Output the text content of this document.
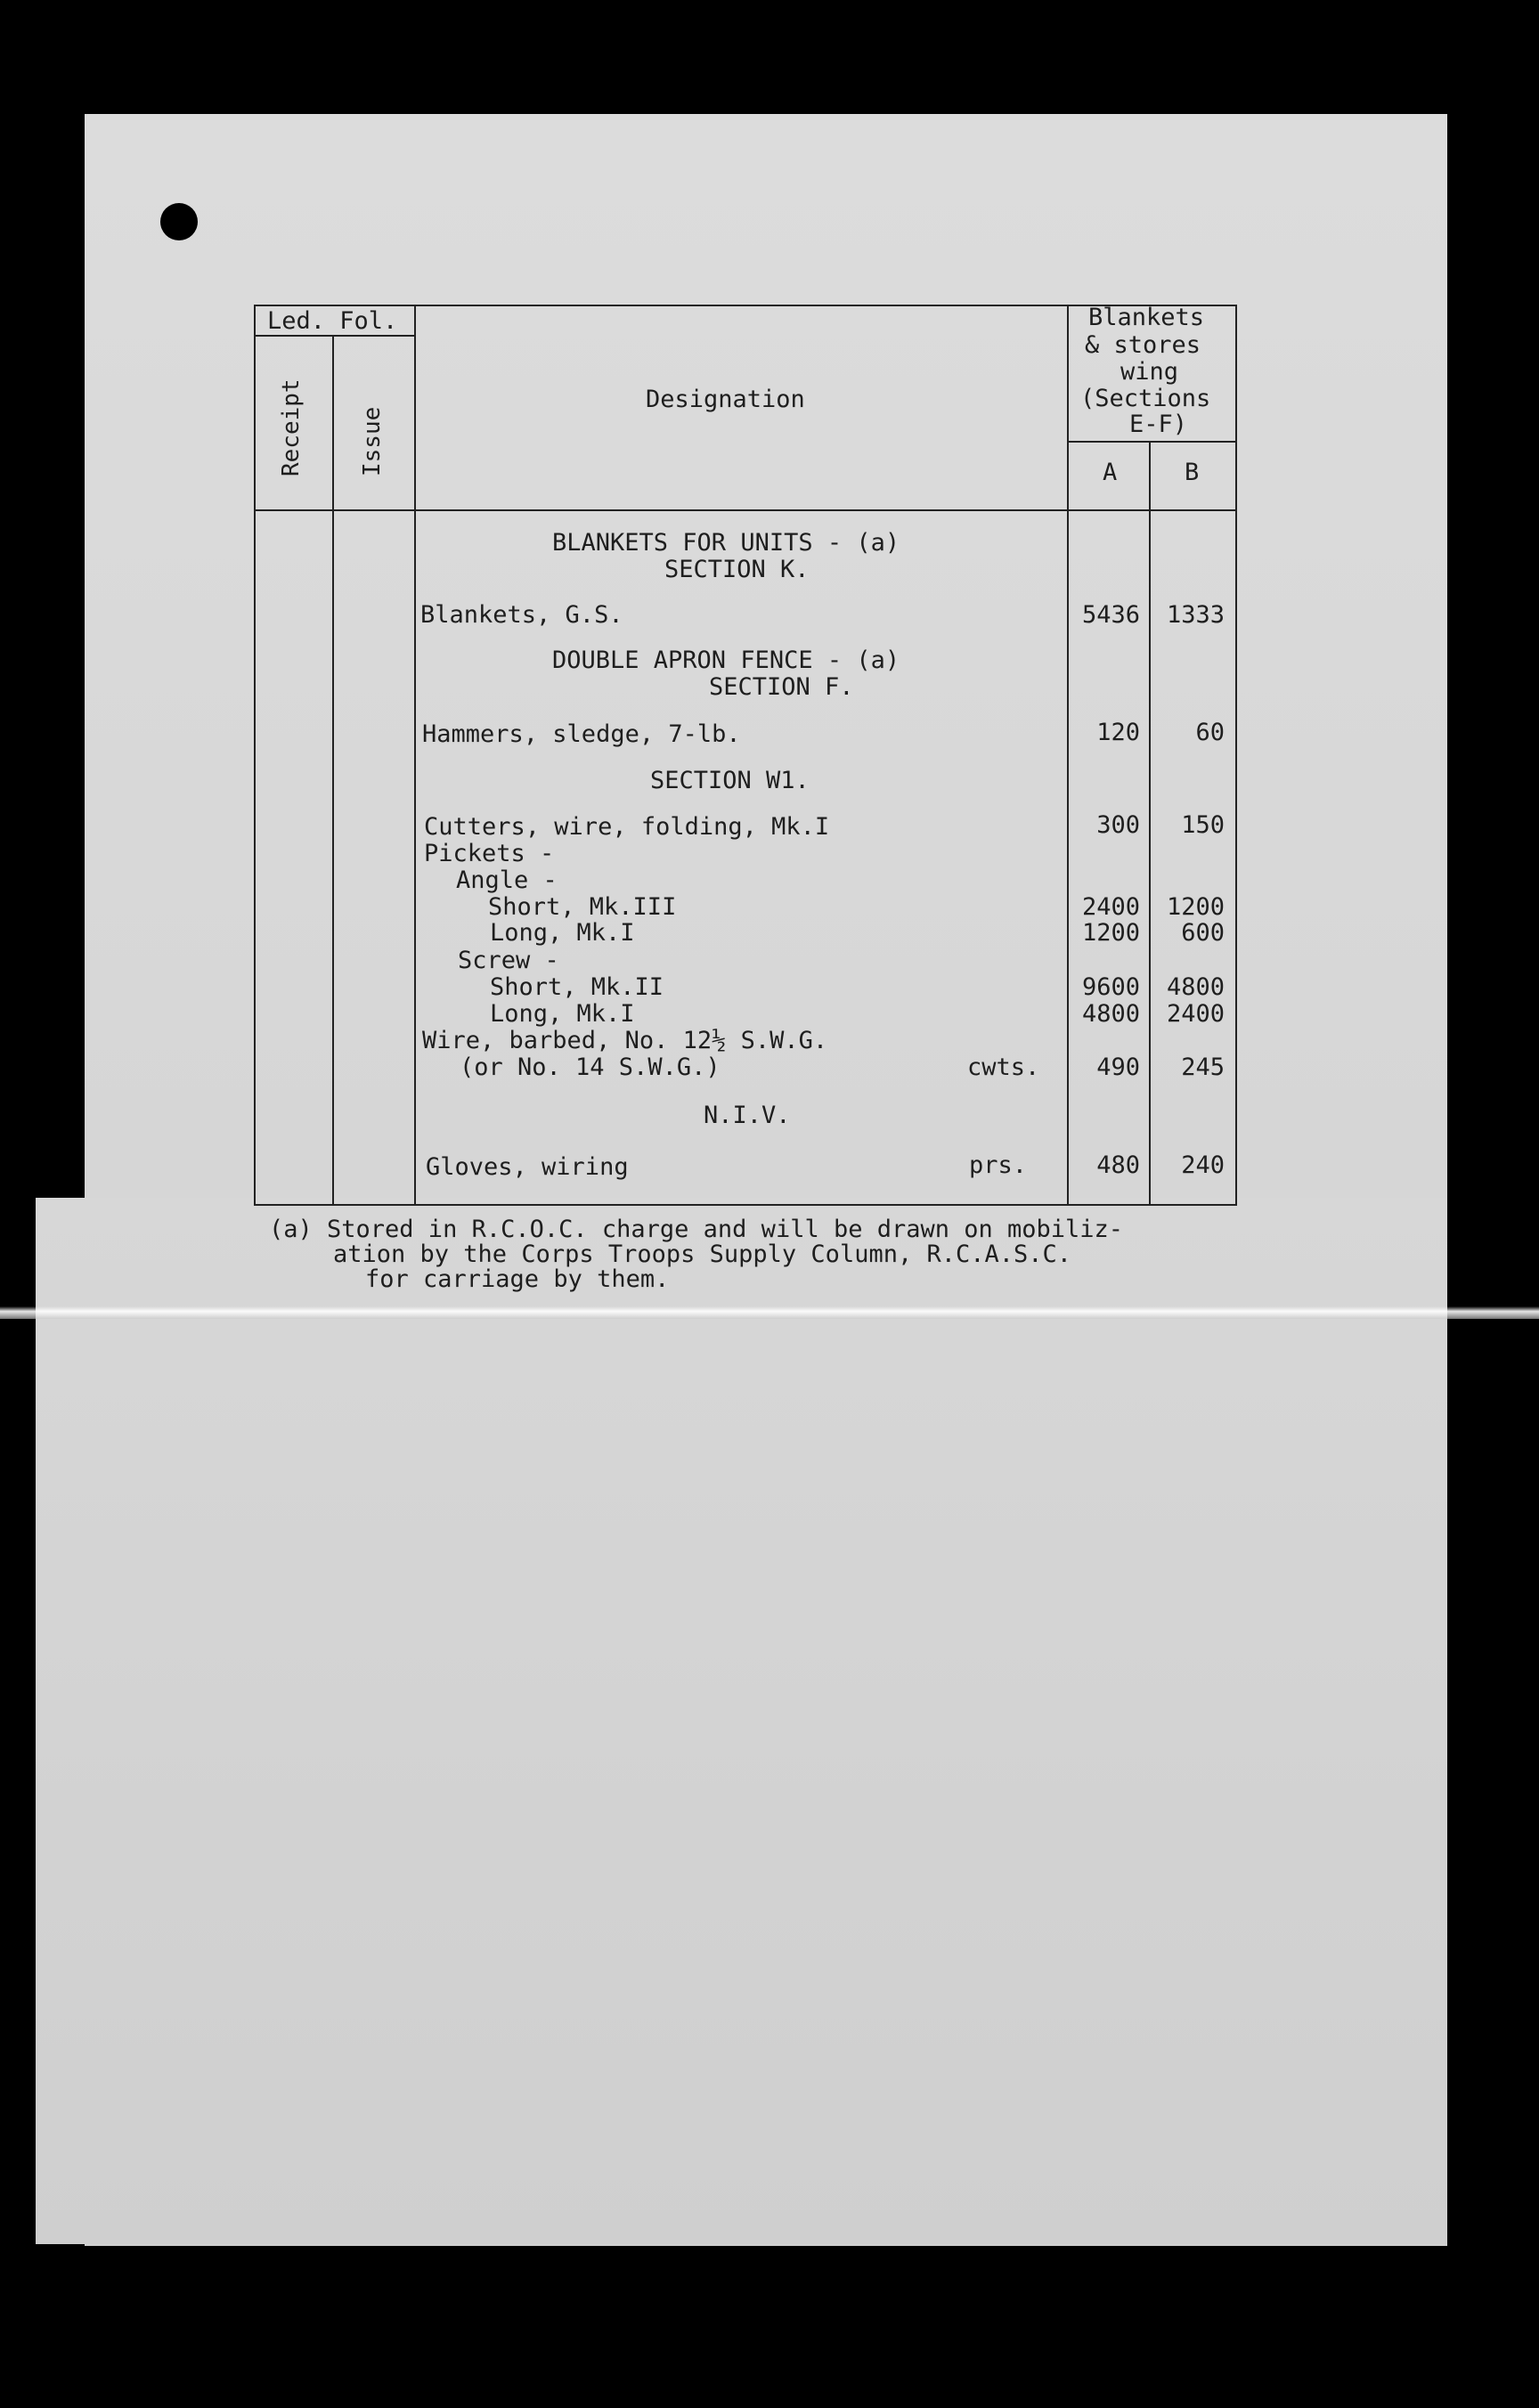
Led. Fol.
Receipt Issue
Designation
Blankets
& stores
wing
(Sections
E-F)
A	B
BLANKETS FOR UNITS - (a)
SECTION K.
Blankets, G.S.	5436	1333
DOUBLE APRON FENCE - (a)
SECTION F.
Hammers, sledge, 7-lb.	120	60
SECTION W1.
Cutters, wire, folding, Mk.I	300	150
Pickets -
Angle -
Short, Mk.III	2400	1200
Long, Mk.I	1200	600
Screw -
Short, Mk.II	9600	4800
Long, Mk.I	4800	2400
Wire, barbed, No. 12½ S.W.G.
(or No. 14 S.W.G.)	cwts.	490	245
N.I.V.
Gloves, wiring	prs.	480	240
(a) Stored in R.C.O.C. charge and will be drawn on mobiliz-
ation by the Corps Troops Supply Column, R.C.A.S.C.
for carriage by them.
